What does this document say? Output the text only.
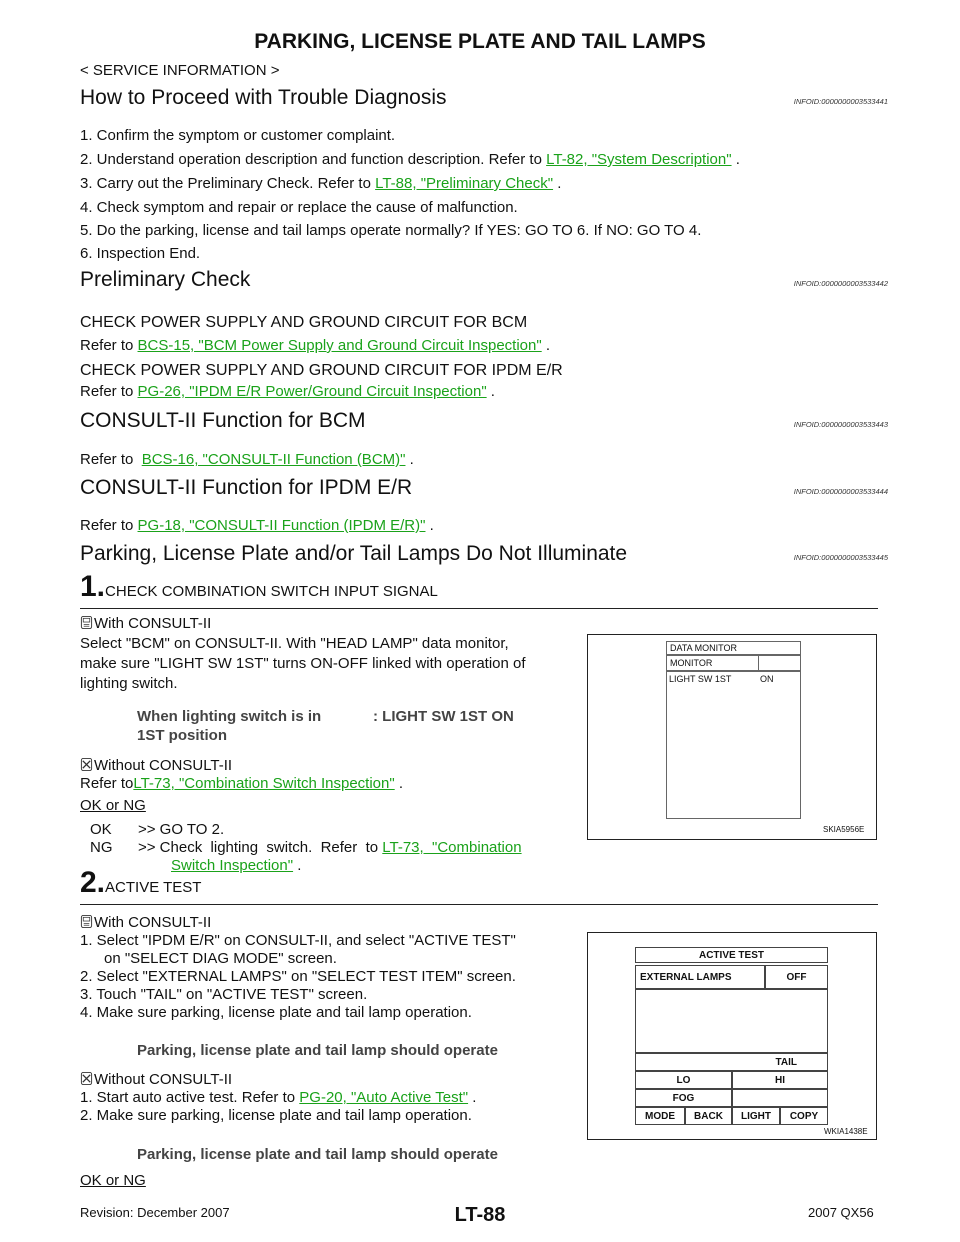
PARKING, LICENSE PLATE AND TAIL LAMPS
< SERVICE INFORMATION >
How to Proceed with Trouble Diagnosis	INFOID:0000000003533441
1. Confirm the symptom or customer complaint.
2. Understand operation description and function description. Refer to LT-82, "System Description" .
3. Carry out the Preliminary Check. Refer to LT-88, "Preliminary Check" .
4. Check symptom and repair or replace the cause of malfunction.
5. Do the parking, license and tail lamps operate normally? If YES: GO TO 6. If NO: GO TO 4.
6. Inspection End.
Preliminary Check	INFOID:0000000003533442
CHECK POWER SUPPLY AND GROUND CIRCUIT FOR BCM
Refer to BCS-15, "BCM Power Supply and Ground Circuit Inspection" .
CHECK POWER SUPPLY AND GROUND CIRCUIT FOR IPDM E/R
Refer to PG-26, "IPDM E/R Power/Ground Circuit Inspection" .
CONSULT-II Function for BCM	INFOID:0000000003533443
Refer to  BCS-16, "CONSULT-II Function (BCM)" .
CONSULT-II Function for IPDM E/R	INFOID:0000000003533444
Refer to PG-18, "CONSULT-II Function (IPDM E/R)" .
Parking, License Plate and/or Tail Lamps Do Not Illuminate	INFOID:0000000003533445
1.CHECK COMBINATION SWITCH INPUT SIGNAL
With CONSULT-II
Select "BCM" on CONSULT-II. With "HEAD LAMP" data monitor,
make sure "LIGHT SW 1ST" turns ON-OFF linked with operation of
lighting switch.
When lighting switch is in
1ST position
: LIGHT SW 1ST ON
Without CONSULT-II
Refer toLT-73, "Combination Switch Inspection" .
OK or NG
OK >> GO TO 2.
NG >> Check  lighting  switch.  Refer  to LT-73,  "Combination
Switch Inspection" .
DATA MONITOR
MONITOR
LIGHT SW 1ST	ON
SKIA5956E
2.ACTIVE TEST
With CONSULT-II
1. Select "IPDM E/R" on CONSULT-II, and select "ACTIVE TEST"
on "SELECT DIAG MODE" screen.
2. Select "EXTERNAL LAMPS" on "SELECT TEST ITEM" screen.
3. Touch "TAIL" on "ACTIVE TEST" screen.
4. Make sure parking, license plate and tail lamp operation.
Parking, license plate and tail lamp should operate
Without CONSULT-II
1. Start auto active test. Refer to PG-20, "Auto Active Test" .
2. Make sure parking, license plate and tail lamp operation.
Parking, license plate and tail lamp should operate
OK or NG
ACTIVE TEST
EXTERNAL LAMPS	OFF
TAIL
LO	HI
FOG
MODE	BACK	LIGHT	COPY
WKIA1438E
Revision: December 2007	LT-88	2007 QX56
